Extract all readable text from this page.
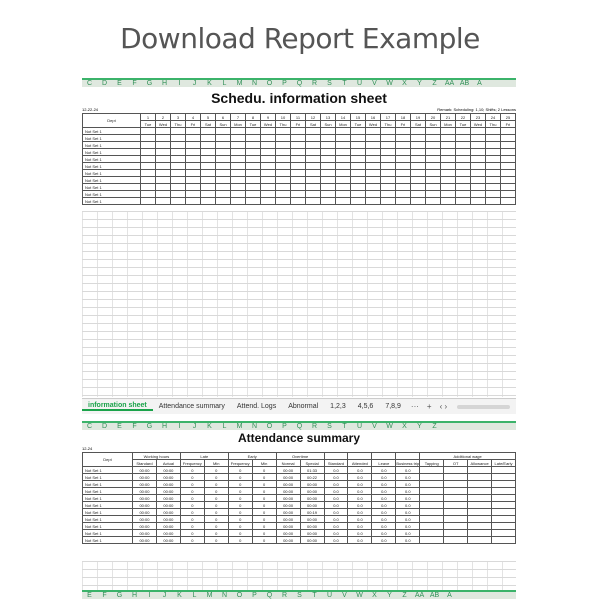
Download Report Example
C	D	E	F	G	H	I	J	K	L	M	N	O	P	Q	R	S	T	U	V	W	X	Y	Z	AA AB	A
Schedu. information sheet
12-22-24	Remark: Scheduling: 1,10; Shifts; 2 Lessons
Dept	1	2	3	4	5	6	7	8	9	10	11	12	13	14	15	16	17	18	19	20	21	22	23	24	25
	Tue	Wed	Thu	Fri	Sat	Sun	Mon	Tue	Wed	Thu	Fri	Sat	Sun	Mon	Tue	Wed	Thu	Fri	Sat	Sun	Mon	Tue	Wed	Thu	Fri
Not Set 1																									
Not Set 1																									
Not Set 1																									
Not Set 1																									
Not Set 1																									
Not Set 1																									
Not Set 1																									
Not Set 1																									
Not Set 1																									
Not Set 1																									
Not Set 1																									
···	+	‹ ›
information sheet	Attendance summary	Attend. Logs	Abnormal	1,2,3	4,5,6	7,8,9
C	D	E	F	G	H	I	J	K	L	M	N	O	P	Q	R	S	T	U	V	W	X	Y	Z
Attendance summary
12-24
Dept	Working hours		Late		Early		Overtime						Additional wage			
	Standard	Actual	Frequency	Min	Frequency	Min	Normal	Special	Standard	Attended	Leave	Business trip	Tapping	OT	Allowance	Late/Early
Not Set 1	00:00	00:00	0	0	0	0	00:00	01:33	0.0	0.0	0.0	0.0				
Not Set 1	00:00	00:00	0	0	0	0	00:00	00:22	0.0	0.0	0.0	0.0				
Not Set 1	00:00	00:00	0	0	0	0	00:00	00:00	0.0	0.0	0.0	0.0				
Not Set 1	00:00	00:00	0	0	0	0	00:00	00:00	0.0	0.0	0.0	0.0				
Not Set 1	00:00	00:00	0	0	0	0	00:00	00:00	0.0	0.0	0.0	0.0				
Not Set 1	00:00	00:00	0	0	0	0	00:00	00:00	0.0	0.0	0.0	0.0				
Not Set 1	00:00	00:00	0	0	0	0	00:00	00:19	0.0	0.0	0.0	0.0				
Not Set 1	00:00	00:00	0	0	0	0	00:00	00:00	0.0	0.0	0.0	0.0				
Not Set 1	00:00	00:00	0	0	0	0	00:00	00:00	0.0	0.0	0.0	0.0				
Not Set 1	00:00	00:00	0	0	0	0	00:00	00:00	0.0	0.0	0.0	0.0				
Not Set 1	00:00	00:00	0	0	0	0	00:00	00:00	0.0	0.0	0.0	0.0				
E	F	G	H	I	J	K	L	M	N	O	P	Q	R	S	T	U	V	W	X	Y	Z	AA AB	A
